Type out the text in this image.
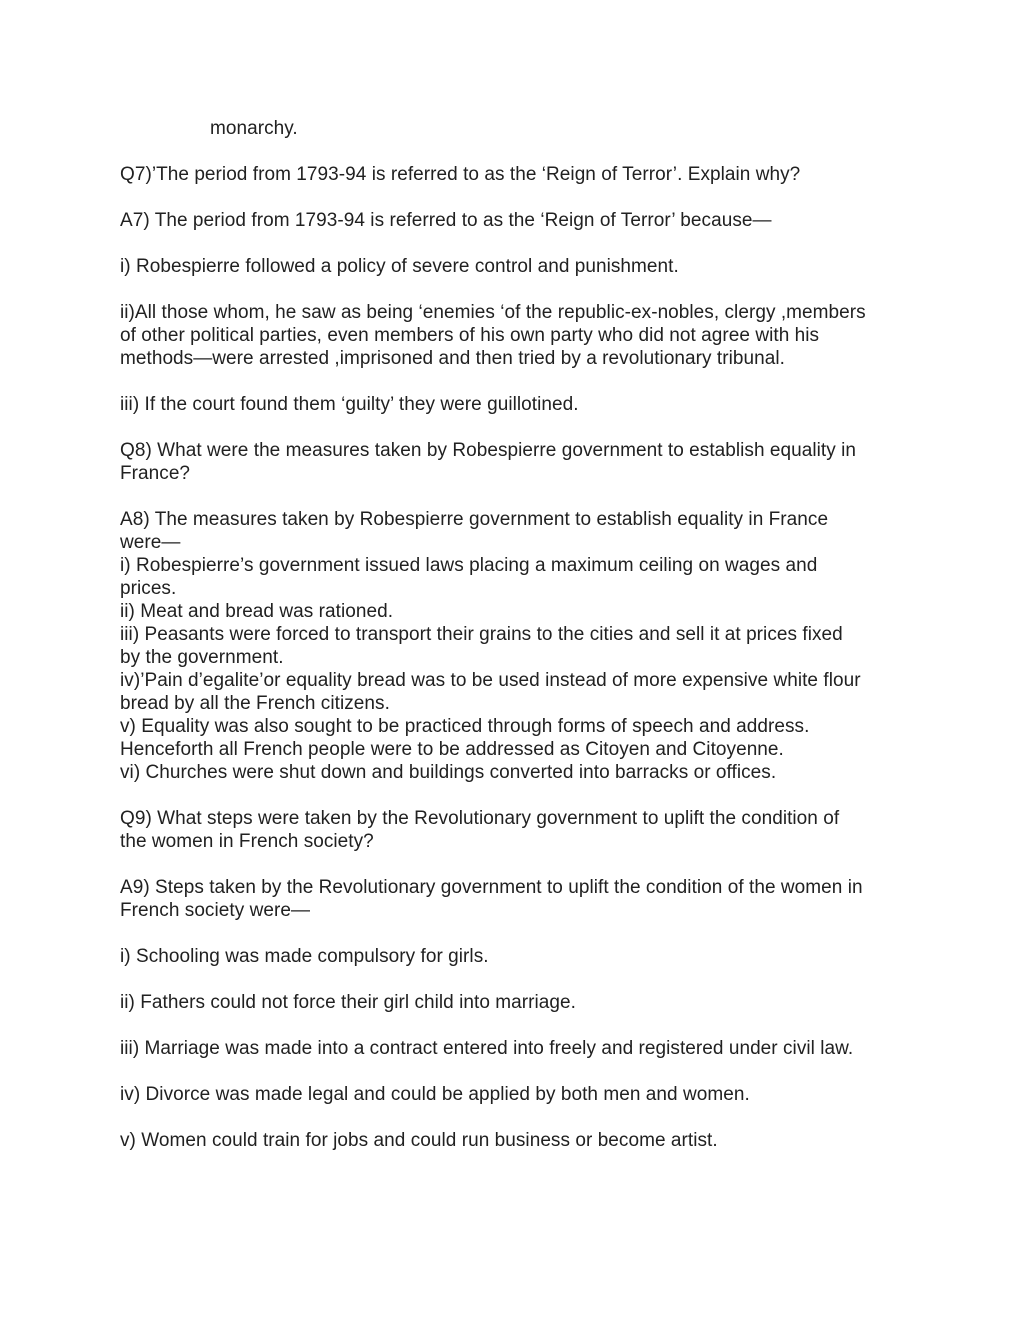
monarchy.
Q7)’The period from 1793-94 is referred to as the ‘Reign of Terror’. Explain why?
A7) The period from 1793-94 is referred to as the ‘Reign of Terror’ because—
i) Robespierre followed a policy of severe control and punishment.
ii)All those whom, he saw as being ‘enemies ‘of the republic-ex-nobles, clergy ,members
of other political parties, even members of his own party who did not agree with his
methods—were arrested ,imprisoned and then tried by a revolutionary tribunal.
iii) If the court found them ‘guilty’ they were guillotined.
Q8) What were the measures taken by Robespierre government to establish equality in
France?
A8) The measures taken by Robespierre government to establish equality in France
were—
i) Robespierre’s government issued laws placing a maximum ceiling on wages and
prices.
ii) Meat and bread was rationed.
iii) Peasants were forced to transport their grains to the cities and sell it at prices fixed
by the government.
iv)’Pain d’egalite’or equality bread was to be used instead of more expensive white flour
bread by all the French citizens.
v) Equality was also sought to be practiced through forms of speech and address.
Henceforth all French people were to be addressed as Citoyen and Citoyenne.
vi) Churches were shut down and buildings converted into barracks or offices.
Q9) What steps were taken by the Revolutionary government to uplift the condition of
the women in French society?
A9) Steps taken by the Revolutionary government to uplift the condition of the women in
French society were—
i) Schooling was made compulsory for girls.
ii) Fathers could not force their girl child into marriage.
iii) Marriage was made into a contract entered into freely and registered under civil law.
iv) Divorce was made legal and could be applied by both men and women.
v) Women could train for jobs and could run business or become artist.
